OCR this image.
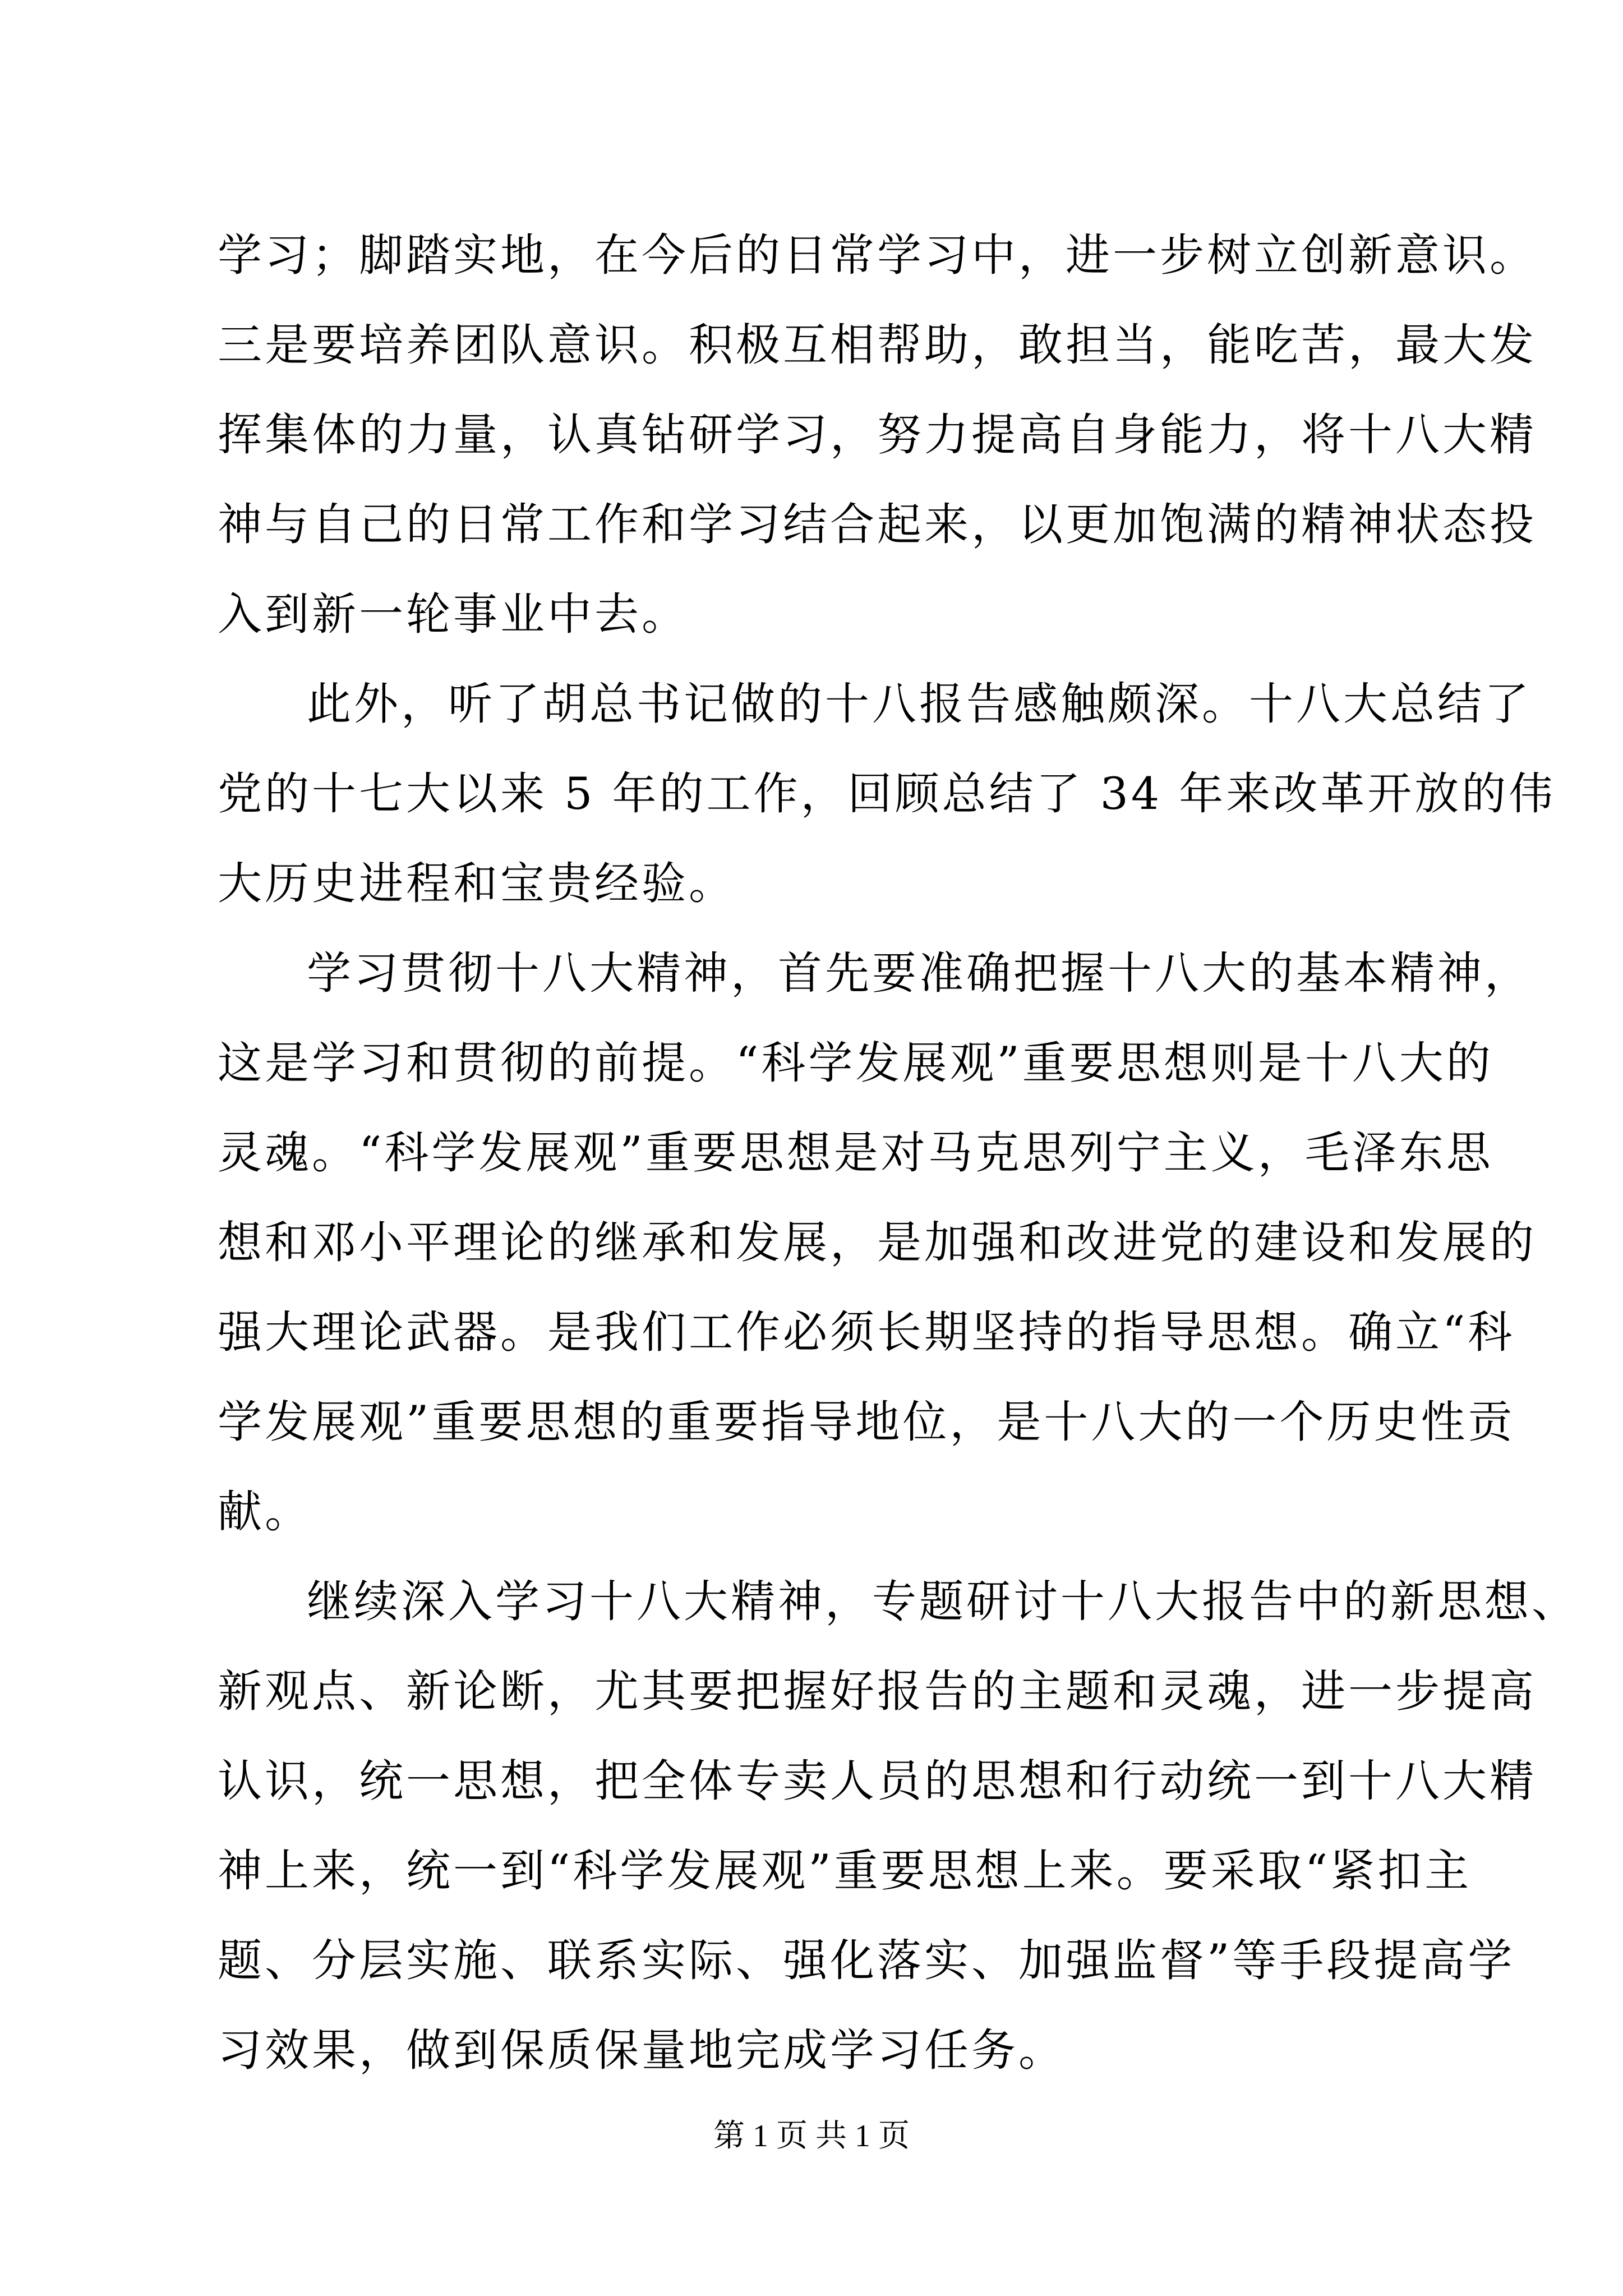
学习；脚踏实地，在今后的日常学习中，进一步树立创新意识。
三是要培养团队意识。积极互相帮助，敢担当，能吃苦，最大发
挥集体的力量，认真钻研学习，努力提高自身能力，将十八大精
神与自己的日常工作和学习结合起来，以更加饱满的精神状态投
入到新一轮事业中去。
此外，听了胡总书记做的十八报告感触颇深。十八大总结了
党的十七大以来 5 年的工作，回顾总结了 34 年来改革开放的伟
大历史进程和宝贵经验。
学习贯彻十八大精神，首先要准确把握十八大的基本精神，
这是学习和贯彻的前提。“科学发展观”重要思想则是十八大的
灵魂。“科学发展观”重要思想是对马克思列宁主义，毛泽东思
想和邓小平理论的继承和发展，是加强和改进党的建设和发展的
强大理论武器。是我们工作必须长期坚持的指导思想。确立“科
学发展观”重要思想的重要指导地位，是十八大的一个历史性贡
献。
继续深入学习十八大精神，专题研讨十八大报告中的新思想、
新观点、新论断，尤其要把握好报告的主题和灵魂，进一步提高
认识，统一思想，把全体专卖人员的思想和行动统一到十八大精
神上来，统一到“科学发展观”重要思想上来。要采取“紧扣主
题、分层实施、联系实际、强化落实、加强监督”等手段提高学
习效果，做到保质保量地完成学习任务。
第 1 页 共 1 页
